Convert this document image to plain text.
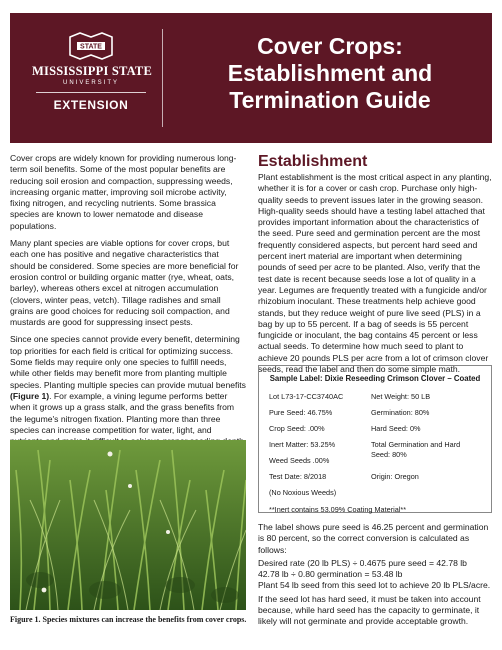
STATE
MISSISSIPPI STATE
UNIVERSITY
EXTENSION
Cover Crops:
Establishment and
Termination Guide

Cover crops are widely known for providing numerous long-term soil benefits. Some of the most popular benefits are reducing soil erosion and compaction, suppressing weeds, increasing organic matter, improving soil microbe activity, fixing nitrogen, and recycling nutrients. Some brassica species are known to lower nematode and disease populations.

Many plant species are viable options for cover crops, but each one has positive and negative characteristics that should be considered. Some species are more beneficial for erosion control or building organic matter (rye, wheat, oats, barley), whereas others excel at nitrogen accumulation (clovers, winter peas, vetch). Tillage radishes and small grains are good choices for reducing soil compaction, and mustards are good for suppressing insect pests.

Since one species cannot provide every benefit, determining top priorities for each field is critical for optimizing success. Some fields may require only one species to fulfill needs, while other fields may benefit more from planting multiple species. Planting multiple species can provide mutual benefits (Figure 1). For example, a vining legume performs better when it grows up a grass stalk, and the grass benefits from the legume's nitrogen fixation. Planting more than three species can increase competition for water, light, and

Figure 1. Species mixtures can increase the benefits from cover crops.
Establishment

Plant establishment is the most critical aspect in any planting, whether it is for a cover or cash crop. Purchase only high-quality seeds to prevent issues later in the growing season. High-quality seeds should have a testing label attached that provides important information about the characteristics of the seed. Pure seed and germination percent are the most frequently considered aspects, but percent hard seed and percent inert material are important when determining pounds of seed per acre to be planted. Also, verify that the test date is recent because seeds lose a lot of quality in a year. Legumes are frequently treated with a fungicide and/or rhizobium inoculant. These treatments help achieve good stands, but they reduce weight of pure live seed (PLS) in a bag by up to 55 percent. If a bag of seeds is 55 percent fungicide or inoculant, the bag contains 45 percent or less actual seeds. To determine how much seed to plant to achieve 20 pounds PLS per acre from a lot of crimson clover seeds, read the label and then do some simple math.

Sample Label: Dixie Reseeding Crimson Clover – Coated
Lot L73-17-CC3740AC	Net Weight: 50 LB
Pure Seed: 46.75%	Germination: 80%
Crop Seed: .00%	Hard Seed: 0%
Inert Matter: 53.25%	Total Germination and Hard Seed: 80%
Weed Seeds .00%
Test Date: 8/2018	Origin: Oregon
(No Noxious Weeds)
**Inert contains 53.09% Coating Material**

The label shows pure seed is 46.25 percent and germination is 80 percent, so the correct conversion is calculated as follows:

Desired rate (20 lb PLS) ÷ 0.4675 pure seed = 42.78 lb
42.78 lb ÷ 0.80 germination = 53.48 lb

Plant 54 lb seed from this seed lot to achieve 20 lb PLS/acre.

If the seed lot has hard seed, it must be taken into account because, while hard seed has the capacity to germinate, it likely will not germinate and provide acceptable growth.
